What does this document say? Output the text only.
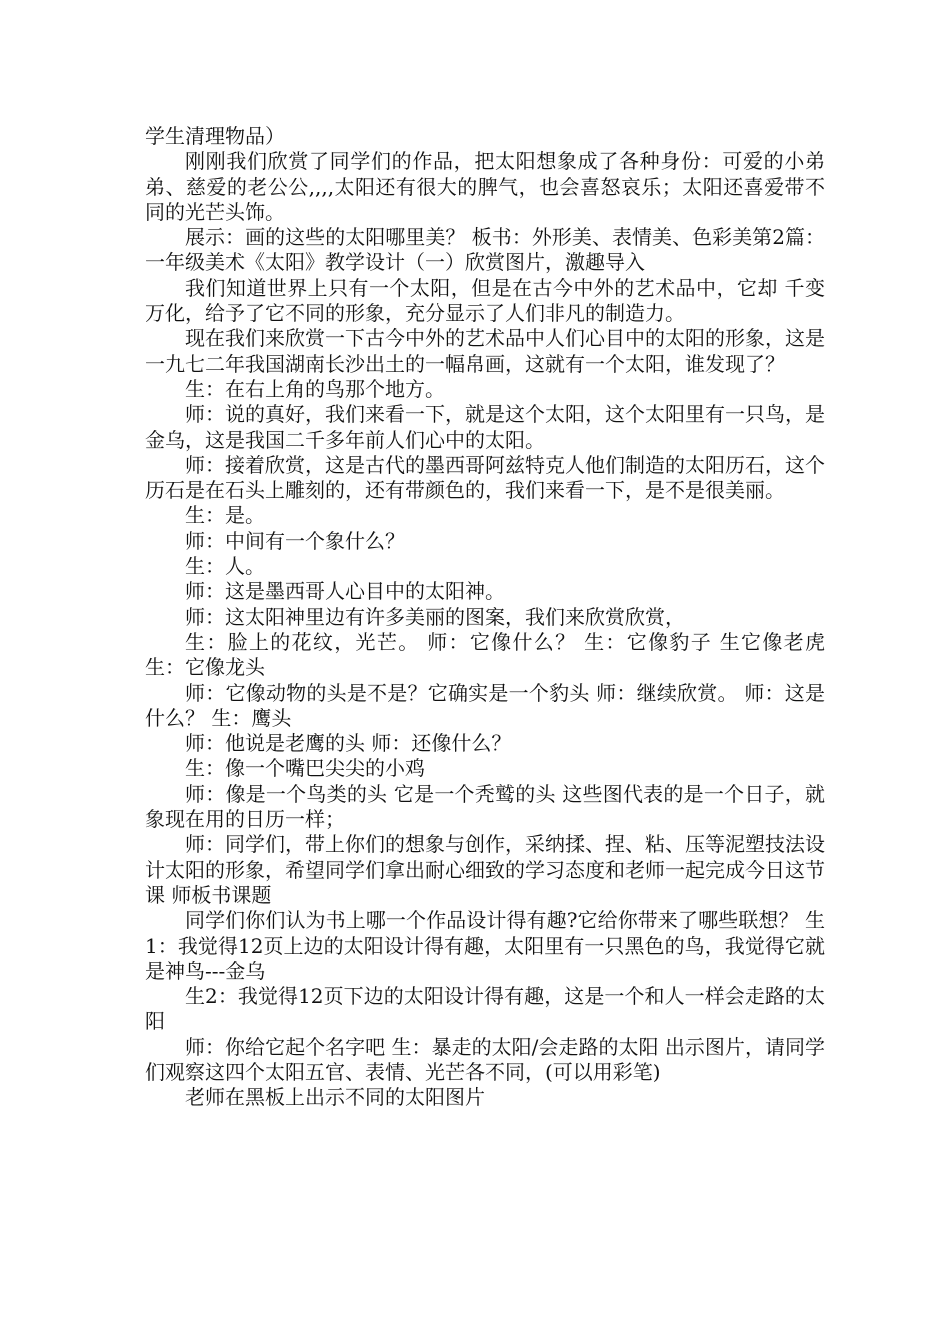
学生清理物品）

刚刚我们欣赏了同学们的作品，把太阳想象成了各种身份：可爱的小弟弟、慈爱的老公公,,,,太阳还有很大的脾气，也会喜怒哀乐；太阳还喜爱带不同的光芒头饰。

展示：画的这些的太阳哪里美？ 板书：外形美、表情美、色彩美第2篇：一年级美术《太阳》教学设计（一）欣赏图片，激趣导入

我们知道世界上只有一个太阳，但是在古今中外的艺术品中，它却 千变万化，给予了它不同的形象，充分显示了人们非凡的制造力。

现在我们来欣赏一下古今中外的艺术品中人们心目中的太阳的形象，这是一九七二年我国湖南长沙出土的一幅帛画，这就有一个太阳，谁发现了？

生：在右上角的鸟那个地方。

师：说的真好，我们来看一下，就是这个太阳，这个太阳里有一只鸟，是金乌，这是我国二千多年前人们心中的太阳。

师：接着欣赏，这是古代的墨西哥阿兹特克人他们制造的太阳历石，这个历石是在石头上雕刻的，还有带颜色的，我们来看一下，是不是很美丽。

生：是。

师：中间有一个象什么？

生：人。

师：这是墨西哥人心目中的太阳神。

师：这太阳神里边有许多美丽的图案，我们来欣赏欣赏，

生：脸上的花纹，光芒。 师：它像什么？ 生：它像豹子 生它像老虎 生：它像龙头

师：它像动物的头是不是？它确实是一个豹头 师：继续欣赏。 师：这是什么？ 生：鹰头

师：他说是老鹰的头 师：还像什么？

生：像一个嘴巴尖尖的小鸡

师：像是一个鸟类的头 它是一个秃鹫的头 这些图代表的是一个日子，就象现在用的日历一样；

师：同学们，带上你们的想象与创作，采纳揉、捏、粘、压等泥塑技法设计太阳的形象，希望同学们拿出耐心细致的学习态度和老师一起完成今日这节课 师板书课题

同学们你们认为书上哪一个作品设计得有趣?它给你带来了哪些联想？ 生1：我觉得12页上边的太阳设计得有趣，太阳里有一只黑色的鸟，我觉得它就是神鸟---金乌

生2：我觉得12页下边的太阳设计得有趣，这是一个和人一样会走路的太阳

师：你给它起个名字吧 生：暴走的太阳/会走路的太阳 出示图片，请同学们观察这四个太阳五官、表情、光芒各不同，(可以用彩笔)

老师在黑板上出示不同的太阳图片
